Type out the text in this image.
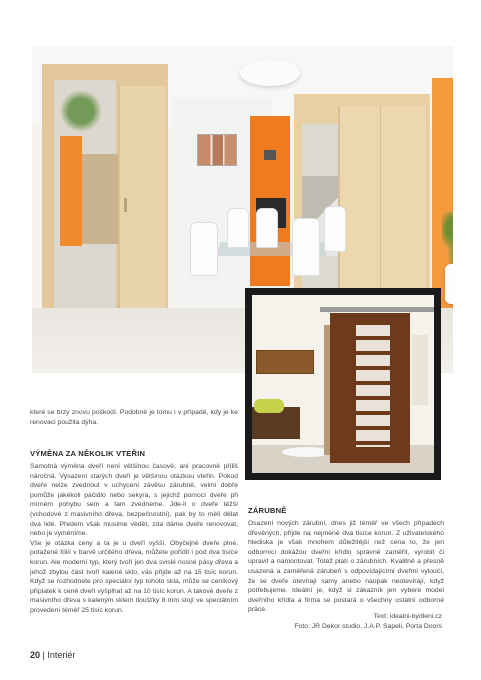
které se brzy znovu poškodí. Podobně je tomu i v případě, kdy je ke renovaci použita dýha.

VÝMĚNA ZA NĚKOLIK VTEŘIN

Samotná výměna dveří není většinou časově, ani pracovně příliš náročná. Vysazení starých dveří je většinou otázkou vteřin. Pokud dveře nelze zvednout v uchycení závěsu zárubně, velmi dobře pomůže jakékoli páčidlo nebo sekyra, s jejichž pomocí dveře při mírném pohybu sem a tam zvedneme. Jde-li o dveře těžší (vchodové z masivního dřeva, bezpečnostní), pak by to měli dělat dva lidé. Předem však musíme vědět, zda dáme dveře renovovat, nebo je vyměníme.

Vše je otázka ceny a ta je u dveří vyšší. Obyčejné dveře plné, potažené fólií v barvě určitého dřeva, můžete pořídit i pod dva tisíce korun. Ale moderní typ, který tvoří jen dva svislé nosné pásy dřeva a jehož zbylou část tvoří kalené sklo, vás přijde až na 15 tisíc korun. Když se rozhodnete pro speciální typ tohoto skla, může se ceníkový příplatek k ceně dveří vyšplhat až na 10 tisíc korun. A takové dveře z masivního dřeva s kaleným sklem tloušťky 8 mm stojí ve speciálním provedení téměř 25 tisíc korun.

ZÁRUBNĚ

Osazení nových zárubní, dnes již téměř ve všech případech dřevěných, přijde na nejméně dva tisíce korun. Z uživatelského hlediska je však mnohem důležitější než cena to, že jen odborníci dokážou dveřní křídlo správně zaměřit, vyrobit či upravit a namontovat. Totéž platí o zárubních. Kvalitně a přesně usazená a zaměřená zárubeň s odpovídajícími dveřmi vyloučí, že se dveře otevírají samy anebo naopak neotevírají, když potřebujeme. Ideální je, když si zákazník jen vybere model dveřního křídla a firma se postará o všechny ostatní odborné práce.

Text: idealni-bydleni.cz
Foto: JR Dekor studio, J.A.P. Sapeli, Porta Doors
20 | Interiér
